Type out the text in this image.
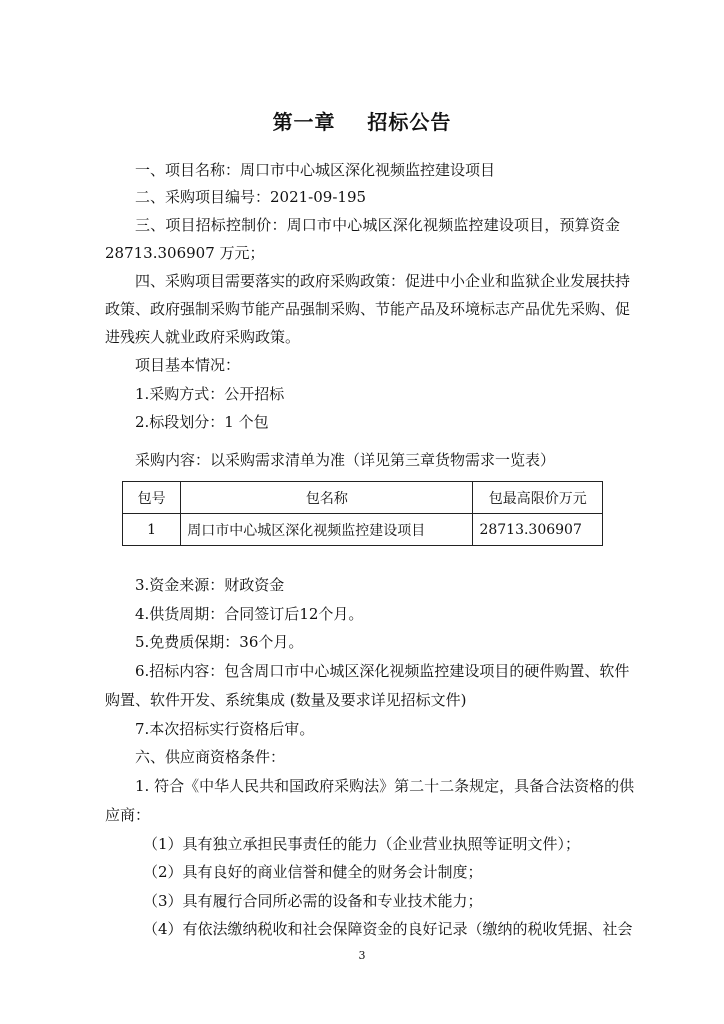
第一章    招标公告
一、项目名称：周口市中心城区深化视频监控建设项目
二、采购项目编号：2021-09-195
三、项目招标控制价：周口市中心城区深化视频监控建设项目，预算资金
28713.306907 万元；
四、采购项目需要落实的政府采购政策：促进中小企业和监狱企业发展扶持
政策、政府强制采购节能产品强制采购、节能产品及环境标志产品优先采购、促
进残疾人就业政府采购政策。
项目基本情况：
1.采购方式：公开招标
2.标段划分：1 个包
采购内容：以采购需求清单为准（详见第三章货物需求一览表）
包号	包名称	包最高限价万元
1	周口市中心城区深化视频监控建设项目	28713.306907
3.资金来源：财政资金
4.供货周期：合同签订后12个月。
5.免费质保期：36个月。
6.招标内容：包含周口市中心城区深化视频监控建设项目的硬件购置、软件
购置、软件开发、系统集成 (数量及要求详见招标文件)
7.本次招标实行资格后审。
六、供应商资格条件：
1. 符合《中华人民共和国政府采购法》第二十二条规定，具备合法资格的供
应商：
（1）具有独立承担民事责任的能力（企业营业执照等证明文件）；
（2）具有良好的商业信誉和健全的财务会计制度；
（3）具有履行合同所必需的设备和专业技术能力；
（4）有依法缴纳税收和社会保障资金的良好记录（缴纳的税收凭据、社会
3
